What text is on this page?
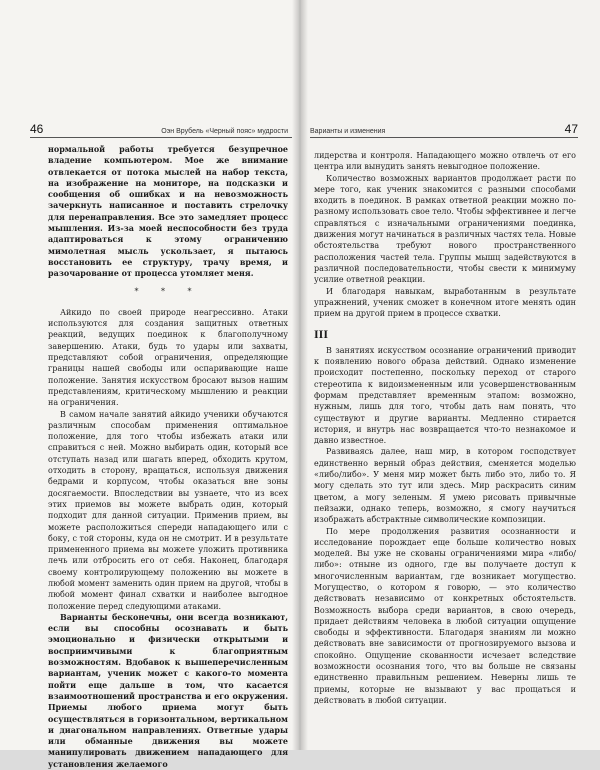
46	Оэн Врубель «Черный пояс» мудрости

нормальной работы требуется безупречное владение компьютером. Мое же внимание отвлекается от потока мыслей на набор текста, на изображение на мониторе, на подсказки и сообщения об ошибках и на невозможность зачеркнуть написанное и поставить стрелочку для перенаправления. Все это замедляет процесс мышления. Из-за моей неспособности без труда адаптироваться к этому ограничению мимолетная мысль ускользает, я пытаюсь восстановить ее структуру, трачу время, и разочарование от процесса утомляет меня.

* * *

Айкидо по своей природе неагрессивно. Атаки используются для создания защитных ответных реакций, ведущих поединок к благополучному завершению. Атаки, будь то удары или захваты, представляют собой ограничения, определяющие границы нашей свободы или оспаривающие наше положение. Занятия искусством бросают вызов нашим представлениям, критическому мышлению и реакции на ограничения.

В самом начале занятий айкидо ученики обучаются различным способам применения оптимальное положение, для того чтобы избежать атаки или справиться с ней. Можно выбирать один, который все отступать назад или шагать вперед, обходить крутом, отходить в сторону, вращаться, используя движения бедрами и корпусом, чтобы оказаться вне зоны досягаемости. Впоследствии вы узнаете, что из всех этих приемов вы можете выбрать один, который подходит для данной ситуации. Применив прием, вы можете расположиться спереди нападающего или с боку, с той стороны, куда он не смотрит. И в результате примененного приема вы можете уложить противника лечь или отбросить его от себя. Наконец, благодаря своему контролирующему положению вы можете в любой момент заменить один прием на другой, чтобы в любой момент финал схватки и наиболее выгодное положение перед следующими атаками.

Варианты бесконечны, они всегда возникают, если вы способны осознавать и быть эмоционально и физически открытыми и восприимчивыми к благоприятным возможностям. Вдобавок к вышеперечисленным вариантам, ученик может с какого-то момента пойти еще дальше в том, что касается взаимоотношений пространства и его окружения. Приемы любого приема могут быть осуществляться в горизонтальном, вертикальном и диагональном направлениях. Ответные удары или обманные движения вы можете манипулировать движением нападающего для установления желаемого

Варианты и изменения	47

лидерства и контроля. Нападающего можно отвлечь от его центра или вынудить занять невыгодное положение.

Количество возможных вариантов продолжает расти по мере того, как ученик знакомится с разными способами входить в поединок. В рамках ответной реакции можно по-разному использовать свое тело. Чтобы эффективнее и легче справляться с изначальными ограничениями поединка, движения могут начинаться в различных частях тела. Новые обстоятельства требуют нового пространственного расположения частей тела. Группы мышц задействуются в различной последовательности, чтобы свести к минимуму усилие ответной реакции.

И благодаря навыкам, выработанным в результате упражнений, ученик сможет в конечном итоге менять один прием на другой прием в процессе схватки.

III

В занятиях искусством осознание ограничений приводит к появлению нового образа действий. Однако изменение происходит постепенно, поскольку переход от старого стереотипа к видоизмененным или усовершенствованным формам представляет временным этапом: возможно, нужным, лишь для того, чтобы дать нам понять, что существуют и другие варианты. Медленно стирается история, и внутрь нас возвращается что-то незнакомое и давно известное.

Развиваясь далее, наш мир, в котором господствует единственно верный образ действия, сменяется моделью «либо/либо». У меня мир может быть либо это, либо то. Я могу сделать это тут или здесь. Мир раскрасить синим цветом, а могу зеленым. Я умею рисовать привычные пейзажи, однако теперь, возможно, я смогу научиться изображать абстрактные символические композиции.

По мере продолжения развития осознанности и исследование порождает еще больше количество новых моделей. Вы уже не скованы ограничениями мира «либо/либо»: отныне из одного, где вы получаете доступ к многочисленным вариантам, где возникает могущество. Могущество, о котором я говорю, — это количество действовать независимо от конкретных обстоятельств. Возможность выбора среди вариантов, в свою очередь, придает действиям человека в любой ситуации ощущение свободы и эффективности. Благодаря знаниям ли можно действовать вне зависимости от прогнозируемого вызова и спокойно. Ощущение скованности исчезает вследствие возможности осознания того, что вы больше не связаны единственно правильным решением. Неверны лишь те приемы, которые не вызывают у вас прощаться и действовать в любой ситуации.
